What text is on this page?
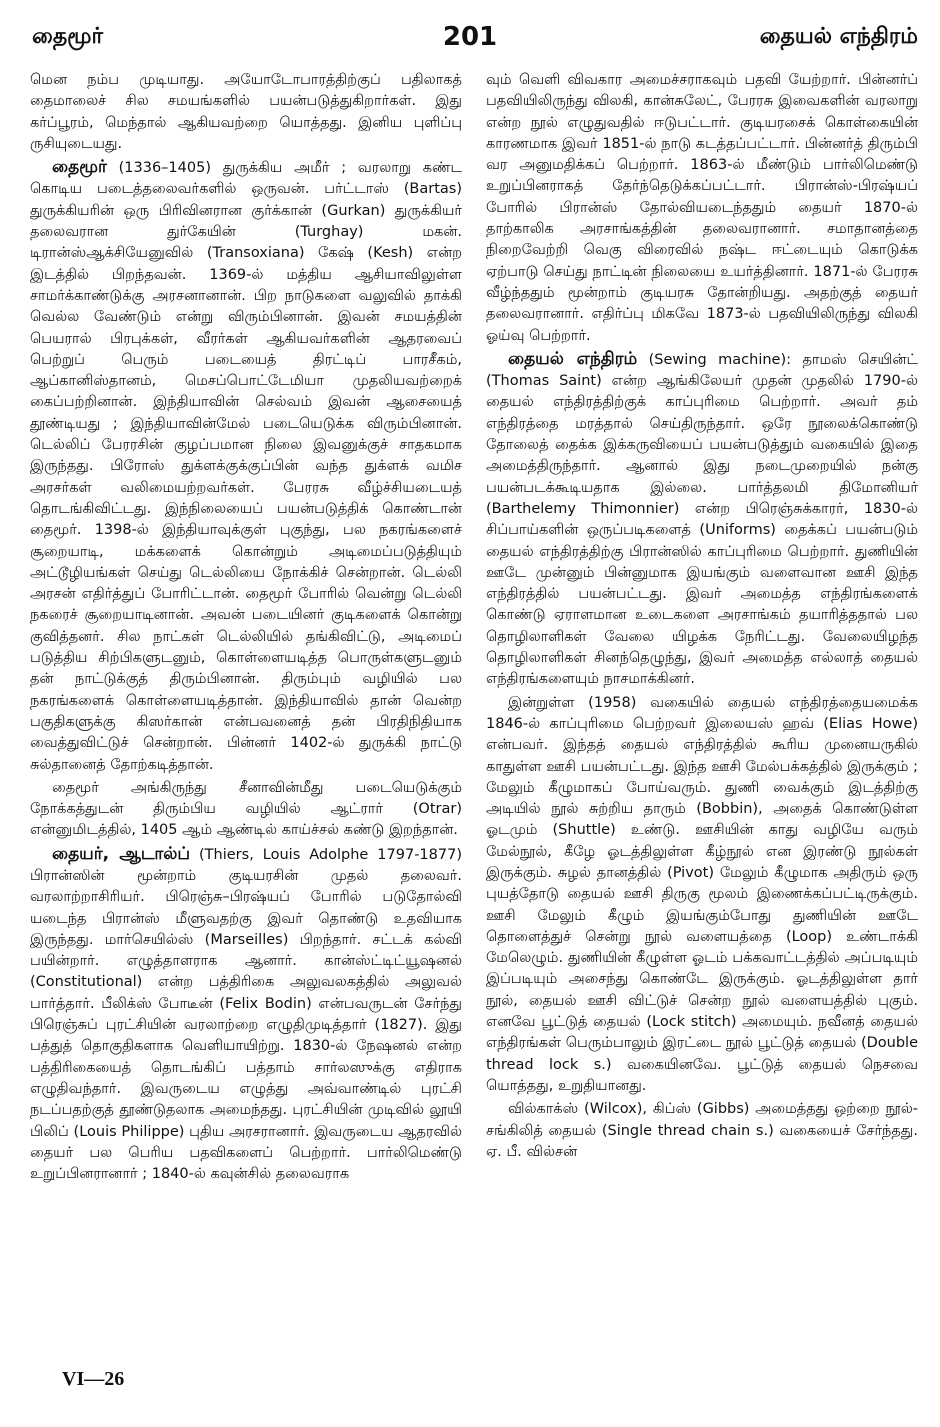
தைமூர்	201	தையல் எந்திரம்

மென நம்ப முடியாது. அயோடோபாரத்திற்குப் பதிலாகத் தைமாலைச் சில சமயங்களில் பயன்படுத்துகிறார்கள். இது கர்ப்பூரம், மெந்தால் ஆகியவற்றை யொத்தது. இனிய புளிப்பு ருசியுடையது.

தைமூர் (1336–1405) துருக்கிய அமீர் ; வரலாறு கண்ட கொடிய படைத்தலைவர்களில் ஒருவன். பர்ட்டாஸ் (Bartas) துருக்கியரின் ஒரு பிரிவினரான குர்க்கான் (Gurkan) துருக்கியர் தலைவரான துர்கேயின் (Turghay) மகன். டிரான்ஸ்ஆக்சியேனுவில் (Transoxiana) கேஷ் (Kesh) என்ற இடத்தில் பிறந்தவன். 1369-ல் மத்திய ஆசியாவிலுள்ள சாமர்க்காண்டுக்கு அரசனானான். பிற நாடுகளை வலுவில் தாக்கி வெல்ல வேண்டும் என்று விரும்பினான். இவன் சமயத்தின் பெயரால் பிரபுக்கள், வீரர்கள் ஆகியவர்களின் ஆதரவைப் பெற்றுப் பெரும் படையைத் திரட்டிப் பாரசீகம், ஆப்கானிஸ்தானம், மெசப்பொட்டேமியா முதலியவற்றைக் கைப்பற்றினான். இந்தியாவின் செல்வம் இவன் ஆசையைத் தூண்டியது ; இந்தியாவின்மேல் படையெடுக்க விரும்பினான். டெல்லிப் பேரரசின் குழப்பமான நிலை இவனுக்குச் சாதகமாக இருந்தது. பிரோஸ் துக்ளக்குக்குப்பின் வந்த துக்ளக் வமிச அரசர்கள் வலிமையற்றவர்கள். பேரரசு வீழ்ச்சியடையத் தொடங்கிவிட்டது. இந்நிலையைப் பயன்படுத்திக் கொண்டான் தைமூர். 1398-ல் இந்தியாவுக்குள் புகுந்து, பல நகரங்களைச் சூறையாடி, மக்களைக் கொன்றும் அடிமைப்படுத்தியும் அட்டூழியங்கள் செய்து டெல்லியை நோக்கிச் சென்றான். டெல்லி அரசன் எதிர்த்துப் போரிட்டான். தைமூர் போரில் வென்று டெல்லி நகரைச் சூறையாடினான். அவன் படையினர் குடிகளைக் கொன்று குவித்தனர். சில நாட்கள் டெல்லியில் தங்கிவிட்டு, அடிமைப் படுத்திய சிற்பிகளுடனும், கொள்ளையடித்த பொருள்களுடனும் தன் நாட்டுக்குத் திரும்பினான். திரும்பும் வழியில் பல நகரங்களைக் கொள்ளையடித்தான். இந்தியாவில் தான் வென்ற பகுதிகளுக்கு கிஸர்கான் என்பவனைத் தன் பிரதிநிதியாக வைத்துவிட்டுச் சென்றான். பின்னர் 1402-ல் துருக்கி நாட்டு சுல்தானைத் தோற்கடித்தான்.

தைமூர் அங்கிருந்து சீனாவின்மீது படையெடுக்கும் நோக்கத்துடன் திரும்பிய வழியில் ஆட்ரார் (Otrar) என்னுமிடத்தில், 1405 ஆம் ஆண்டில் காய்ச்சல் கண்டு இறந்தான்.

தையர், ஆடால்ப் (Thiers, Louis Adolphe 1797-1877) பிரான்ஸின் மூன்றாம் குடியரசின் முதல் தலைவர். வரலாற்றாசிரியர். பிரெஞ்சு–பிரஷ்யப் போரில் படுதோல்வி யடைந்த பிரான்ஸ் மீளுவதற்கு இவர் தொண்டு உதவியாக இருந்தது. மார்செயில்ஸ் (Marseilles) பிறந்தார். சட்டக் கல்வி பயின்றார். எழுத்தாளராக ஆனார். கான்ஸ்ட்டிட்யூஷனல் (Constitutional) என்ற பத்திரிகை அலுவலகத்தில் அலுவல் பார்த்தார். பீலிக்ஸ் போடீன் (Felix Bodin) என்பவருடன் சேர்ந்து பிரெஞ்சுப் புரட்சியின் வரலாற்றை எழுதிமுடித்தார் (1827). இது பத்துத் தொகுதிகளாக வெளியாயிற்று. 1830-ல் நேஷனல் என்ற பத்திரிகையைத் தொடங்கிப் பத்தாம் சார்லஸுக்கு எதிராக எழுதிவந்தார். இவருடைய எழுத்து அவ்வாண்டில் புரட்சி நடப்பதற்குத் தூண்டுதலாக அமைந்தது. புரட்சியின் முடிவில் லூயி பிலிப் (Louis Philippe) புதிய அரசரானார். இவருடைய ஆதரவில் தையர் பல பெரிய பதவிகளைப் பெற்றார். பார்லிமெண்டு உறுப்பினரானார் ; 1840-ல் கவுன்சில் தலைவராக

வும் வெளி விவகார அமைச்சராகவும் பதவி யேற்றார். பின்னர்ப் பதவியிலிருந்து விலகி, கான்சுலேட், பேரரசு இவைகளின் வரலாறு என்ற நூல் எழுதுவதில் ஈடுபட்டார். குடியரசைக் கொள்கையின் காரணமாக இவர் 1851-ல் நாடு கடத்தப்பட்டார். பின்னர்த் திரும்பி வர அனுமதிக்கப் பெற்றார். 1863-ல் மீண்டும் பார்லிமெண்டு உறுப்பினராகத் தேர்ந்தெடுக்கப்பட்டார். பிரான்ஸ்-பிரஷ்யப் போரில் பிரான்ஸ் தோல்வியடைந்ததும் தையர் 1870-ல் தாற்காலிக அரசாங்கத்தின் தலைவரானார். சமாதானத்தை நிறைவேற்றி வெகு விரைவில் நஷ்ட ஈட்டையும் கொடுக்க ஏற்பாடு செய்து நாட்டின் நிலையை உயர்த்தினார். 1871-ல் பேரரசு வீழ்ந்ததும் மூன்றாம் குடியரசு தோன்றியது. அதற்குத் தையர் தலைவரானார். எதிர்ப்பு மிகவே 1873-ல் பதவியிலிருந்து விலகி ஓய்வு பெற்றார்.

தையல் எந்திரம் (Sewing machine): தாமஸ் செயின்ட் (Thomas Saint) என்ற ஆங்கிலேயர் முதன் முதலில் 1790-ல் தையல் எந்திரத்திற்குக் காப்புரிமை பெற்றார். அவர் தம் எந்திரத்தை மரத்தால் செய்திருந்தார். ஒரே நூலைக்கொண்டு தோலைத் தைக்க இக்கருவியைப் பயன்படுத்தும் வகையில் இதை அமைத்திருந்தார். ஆனால் இது நடைமுறையில் நன்கு பயன்படக்கூடியதாக இல்லை. பார்த்தலமி திமோனியர் (Barthelemy Thimonnier) என்ற பிரெஞ்சுக்காரர், 1830-ல் சிப்பாய்களின் ஒருப்படிகளைத் (Uniforms) தைக்கப் பயன்படும் தையல் எந்திரத்திற்கு பிரான்ஸில் காப்புரிமை பெற்றார். துணியின் ஊடே முன்னும் பின்னுமாக இயங்கும் வளைவான ஊசி இந்த எந்திரத்தில் பயன்பட்டது. இவர் அமைத்த எந்திரங்களைக் கொண்டு ஏராளமான உடைகளை அரசாங்கம் தயாரித்ததால் பல தொழிலாளிகள் வேலை யிழக்க நேரிட்டது. வேலையிழந்த தொழிலாளிகள் சினந்தெழுந்து, இவர் அமைத்த எல்லாத் தையல் எந்திரங்களையும் நாசமாக்கினர்.

இன்றுள்ள (1958) வகையில் தையல் எந்திரத்தையமைக்க 1846-ல் காப்புரிமை பெற்றவர் இலையஸ் ஹவ் (Elias Howe) என்பவர். இந்தத் தையல் எந்திரத்தில் கூரிய முனையருகில் காதுள்ள ஊசி பயன்பட்டது. இந்த ஊசி மேல்பக்கத்தில் இருக்கும் ; மேலும் கீழுமாகப் போய்வரும். துணி வைக்கும் இடத்திற்கு அடியில் நூல் சுற்றிய தாரும் (Bobbin), அதைக் கொண்டுள்ள ஓடமும் (Shuttle) உண்டு. ஊசியின் காது வழியே வரும் மேல்நூல், கீழே ஓடத்திலுள்ள கீழ்நூல் என இரண்டு நூல்கள் இருக்கும். சுழல் தானத்தில் (Pivot) மேலும் கீழுமாக அதிரும் ஒரு புயத்தோடு தையல் ஊசி திருகு மூலம் இணைக்கப்பட்டிருக்கும். ஊசி மேலும் கீழும் இயங்கும்போது துணியின் ஊடே தொளைத்துச் சென்று நூல் வளையத்தை (Loop) உண்டாக்கி மேலெழும். துணியின் கீழுள்ள ஓடம் பக்கவாட்டத்தில் அப்படியும் இப்படியும் அசைந்து கொண்டே இருக்கும். ஓடத்திலுள்ள தார் நூல், தையல் ஊசி விட்டுச் சென்ற நூல் வளையத்தில் புகும். எனவே பூட்டுத் தையல் (Lock stitch) அமையும். நவீனத் தையல் எந்திரங்கள் பெரும்பாலும் இரட்டை நூல் பூட்டுத் தையல் (Double thread lock s.) வகையினவே. பூட்டுத் தையல் நெசவை யொத்தது, உறுதியானது.

வில்காக்ஸ் (Wilcox), கிப்ஸ் (Gibbs) அமைத்தது ஒற்றை நூல்-சங்கிலித் தையல் (Single thread chain s.) வகையைச் சேர்ந்தது. ஏ. பீ. வில்சன்

VI—26
